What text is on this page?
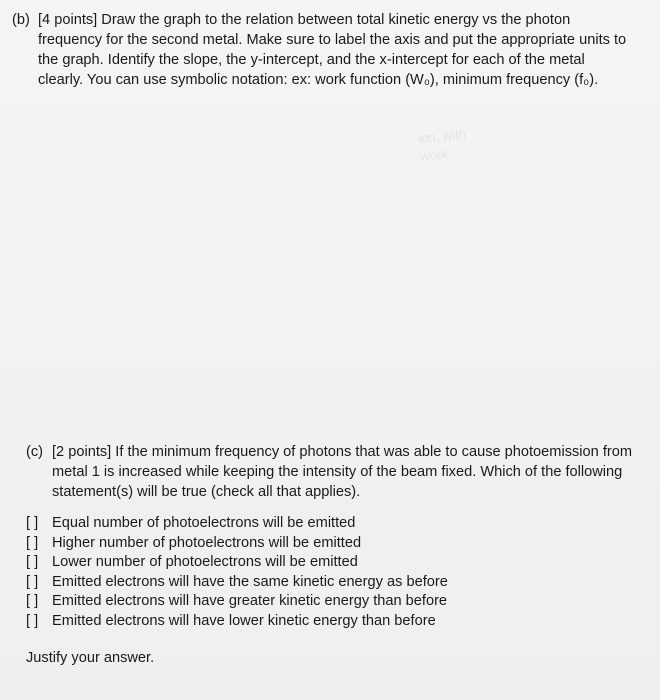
ion, with
work
(b) [4 points] Draw the graph to the relation between total kinetic energy vs the photon
frequency for the second metal. Make sure to label the axis and put the appropriate units to
the graph. Identify the slope, the y-intercept, and the x-intercept for each of the metal
clearly. You can use symbolic notation: ex: work function (W₀), minimum frequency (f₀).
(c) [2 points] If the minimum frequency of photons that was able to cause photoemission from
metal 1 is increased while keeping the intensity of the beam fixed. Which of the following
statement(s) will be true (check all that applies).
[ ] Equal number of photoelectrons will be emitted
[ ] Higher number of photoelectrons will be emitted
[ ] Lower number of photoelectrons will be emitted
[ ] Emitted electrons will have the same kinetic energy as before
[ ] Emitted electrons will have greater kinetic energy than before
[ ] Emitted electrons will have lower kinetic energy than before
Justify your answer.
